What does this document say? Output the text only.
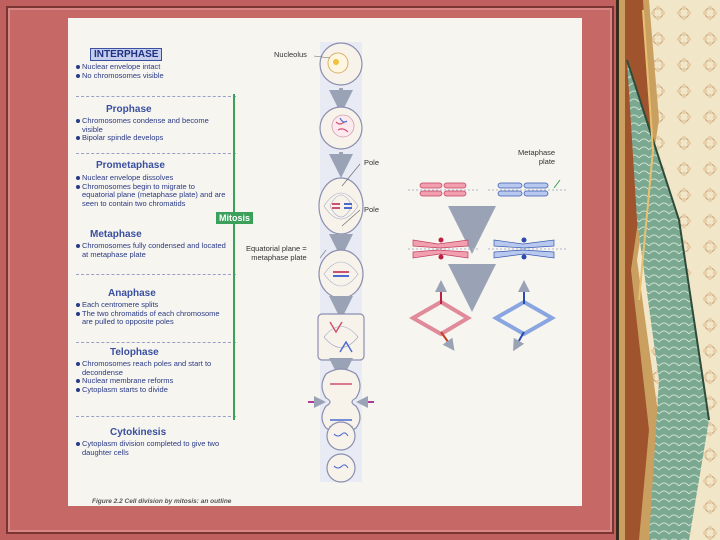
INTERPHASE
Nuclear envelope intact
No chromosomes visible
Prophase
Chromosomes condense and become visible
Bipolar spindle develops
Prometaphase
Nuclear envelope dissolves
Chromosomes begin to migrate to equatorial plane (metaphase plate) and are seen to contain two chromatids
Metaphase
Chromosomes fully condensed and located at metaphase plate
Anaphase
Each centromere splits
The two chromatids of each chromosome are pulled to opposite poles
Telophase
Chromosomes reach poles and start to decondense
Nuclear membrane reforms
Cytoplasm starts to divide
Cytokinesis
Cytoplasm division completed to give two daughter cells
Mitosis
Nucleolus
Pole
Pole
Equatorial plane =
metaphase plate
Metaphase
plate
Figure 2.2 Cell division by mitosis: an outline
